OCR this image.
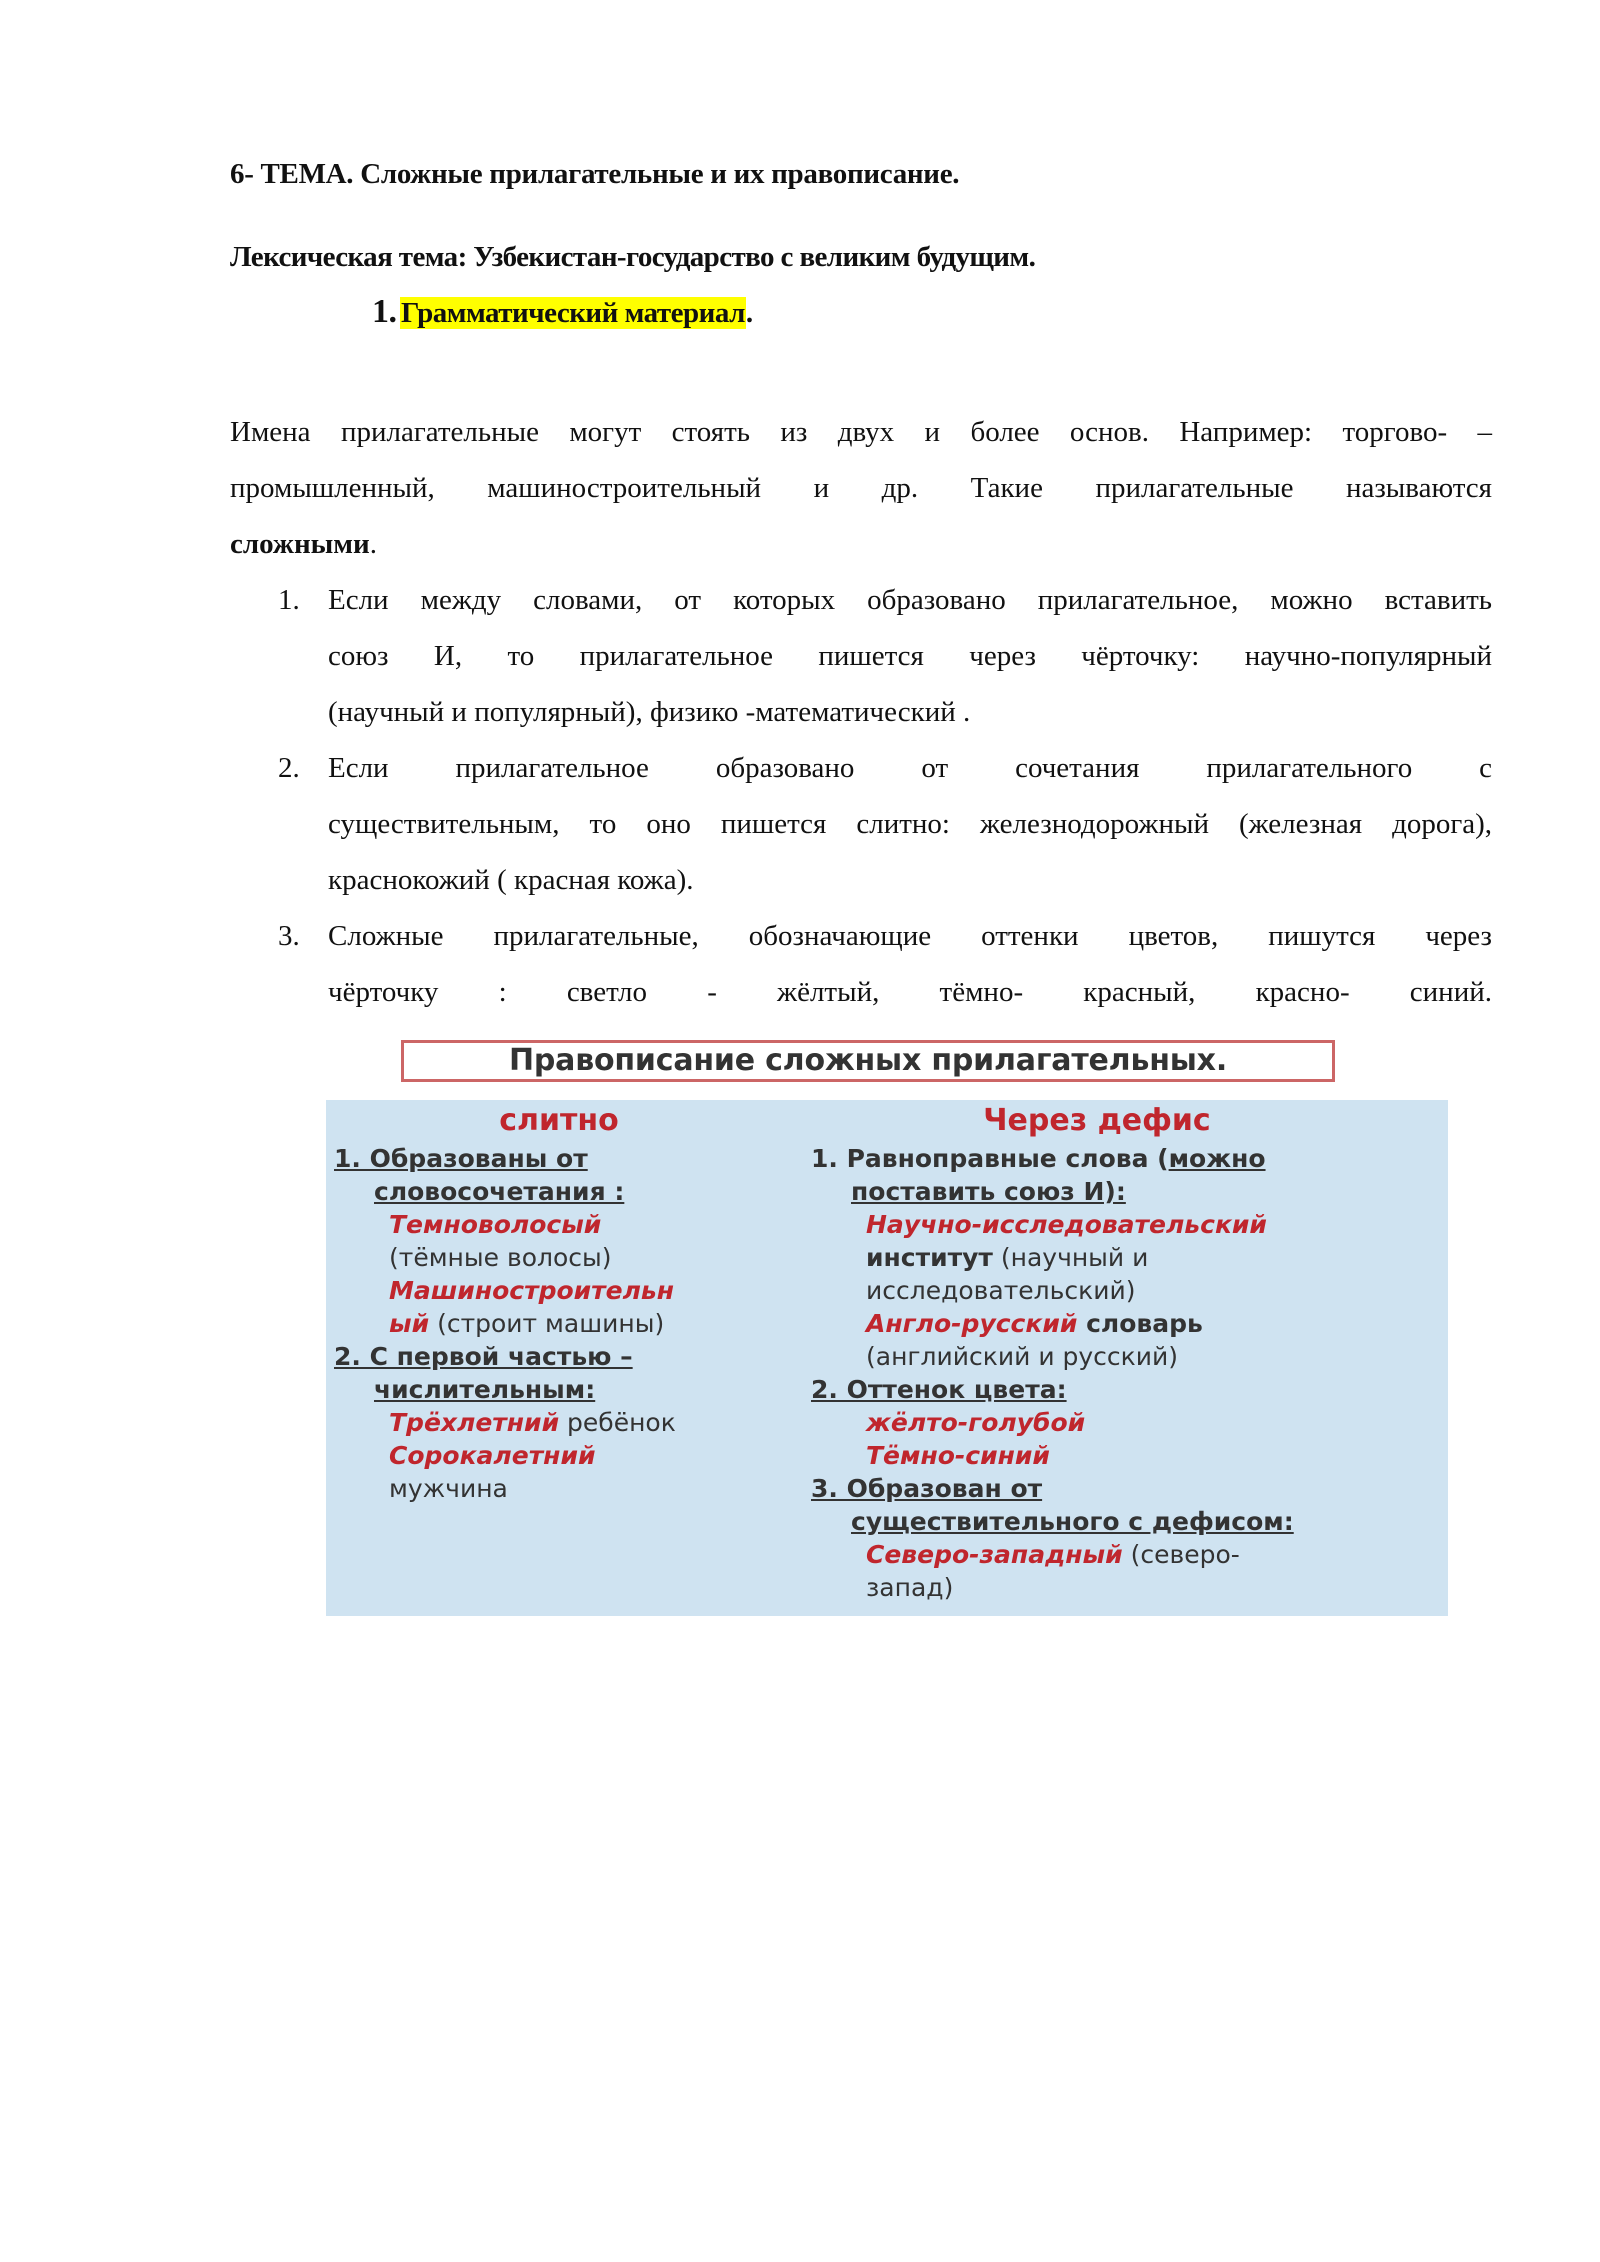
6- ТЕМА. Сложные прилагательные и их правописание.
Лексическая тема: Узбекистан-государство с великим будущим.
1. Грамматический материал.
Имена прилагательные могут стоять из двух и более основ. Например: торгово- –
промышленный, машиностроительный и др. Такие прилагательные называются
сложными.
1. Если между словами, от которых образовано прилагательное, можно вставить
союз И, то прилагательное пишется через чёрточку: научно-популярный
(научный и популярный), физико -математический .
2. Если прилагательное образовано от сочетания прилагательного с
существительным, то оно пишется слитно: железнодорожный (железная дорога),
краснокожий ( красная кожа).
3. Сложные прилагательные, обозначающие оттенки цветов, пишутся через
чёрточку : светло - жёлтый, тёмно- красный, красно- синий.
Правописание сложных прилагательных.
слитно
1. Образованы от
словосочетания :
Темноволосый
(тёмные волосы)
Машиностроительн
ый (строит машины)
2. С первой частью –
числительным:
Трёхлетний ребёнок
Сорокалетний
мужчина
Через дефис
1. Равноправные слова (можно
поставить союз И):
Научно-исследовательский
институт (научный и
исследовательский)
Англо-русский словарь
(английский и русский)
2. Оттенок цвета:
жёлто-голубой
Тёмно-синий
3. Образован от
существительного с дефисом:
Северо-западный (северо-
запад)
